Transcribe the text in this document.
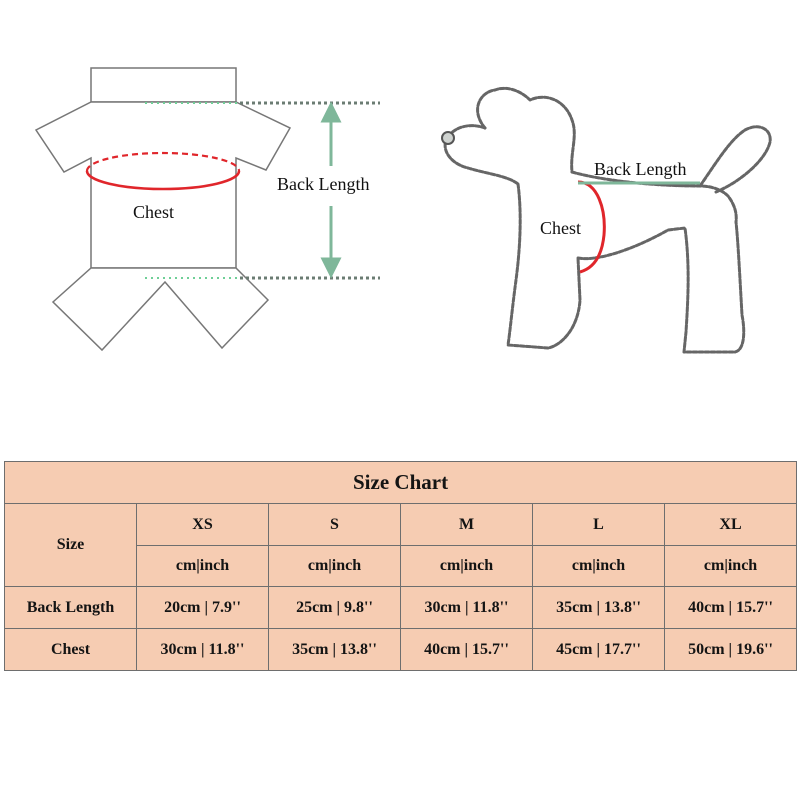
Chest
Back Length
Back Length
Chest
Size Chart					
Size	XS	S	M	L	XL
	cm|inch	cm|inch	cm|inch	cm|inch	cm|inch
Back Length	20cm | 7.9''	25cm | 9.8''	30cm | 11.8''	35cm | 13.8''	40cm | 15.7''
Chest	30cm | 11.8''	35cm | 13.8''	40cm | 15.7''	45cm | 17.7''	50cm | 19.6''
